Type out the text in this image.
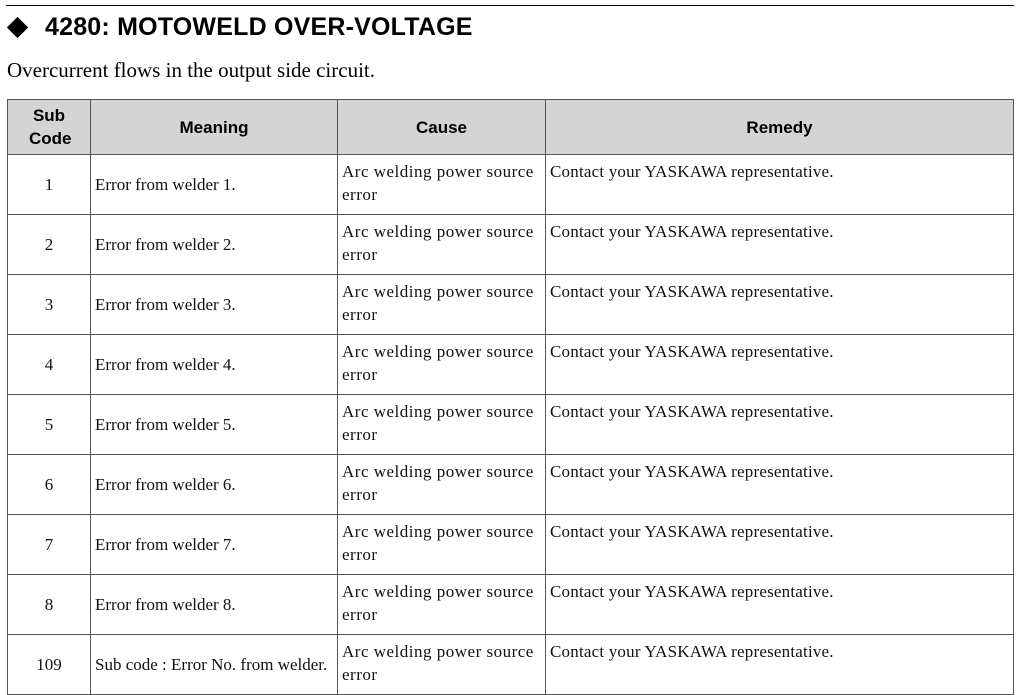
4280: MOTOWELD OVER-VOLTAGE
Overcurrent flows in the output side circuit.
Sub Code	Meaning	Cause	Remedy
1	Error from welder 1.	Arc welding power source error	Contact your YASKAWA representative.
2	Error from welder 2.	Arc welding power source error	Contact your YASKAWA representative.
3	Error from welder 3.	Arc welding power source error	Contact your YASKAWA representative.
4	Error from welder 4.	Arc welding power source error	Contact your YASKAWA representative.
5	Error from welder 5.	Arc welding power source error	Contact your YASKAWA representative.
6	Error from welder 6.	Arc welding power source error	Contact your YASKAWA representative.
7	Error from welder 7.	Arc welding power source error	Contact your YASKAWA representative.
8	Error from welder 8.	Arc welding power source error	Contact your YASKAWA representative.
109	Sub code : Error No. from welder.	Arc welding power source error	Contact your YASKAWA representative.
